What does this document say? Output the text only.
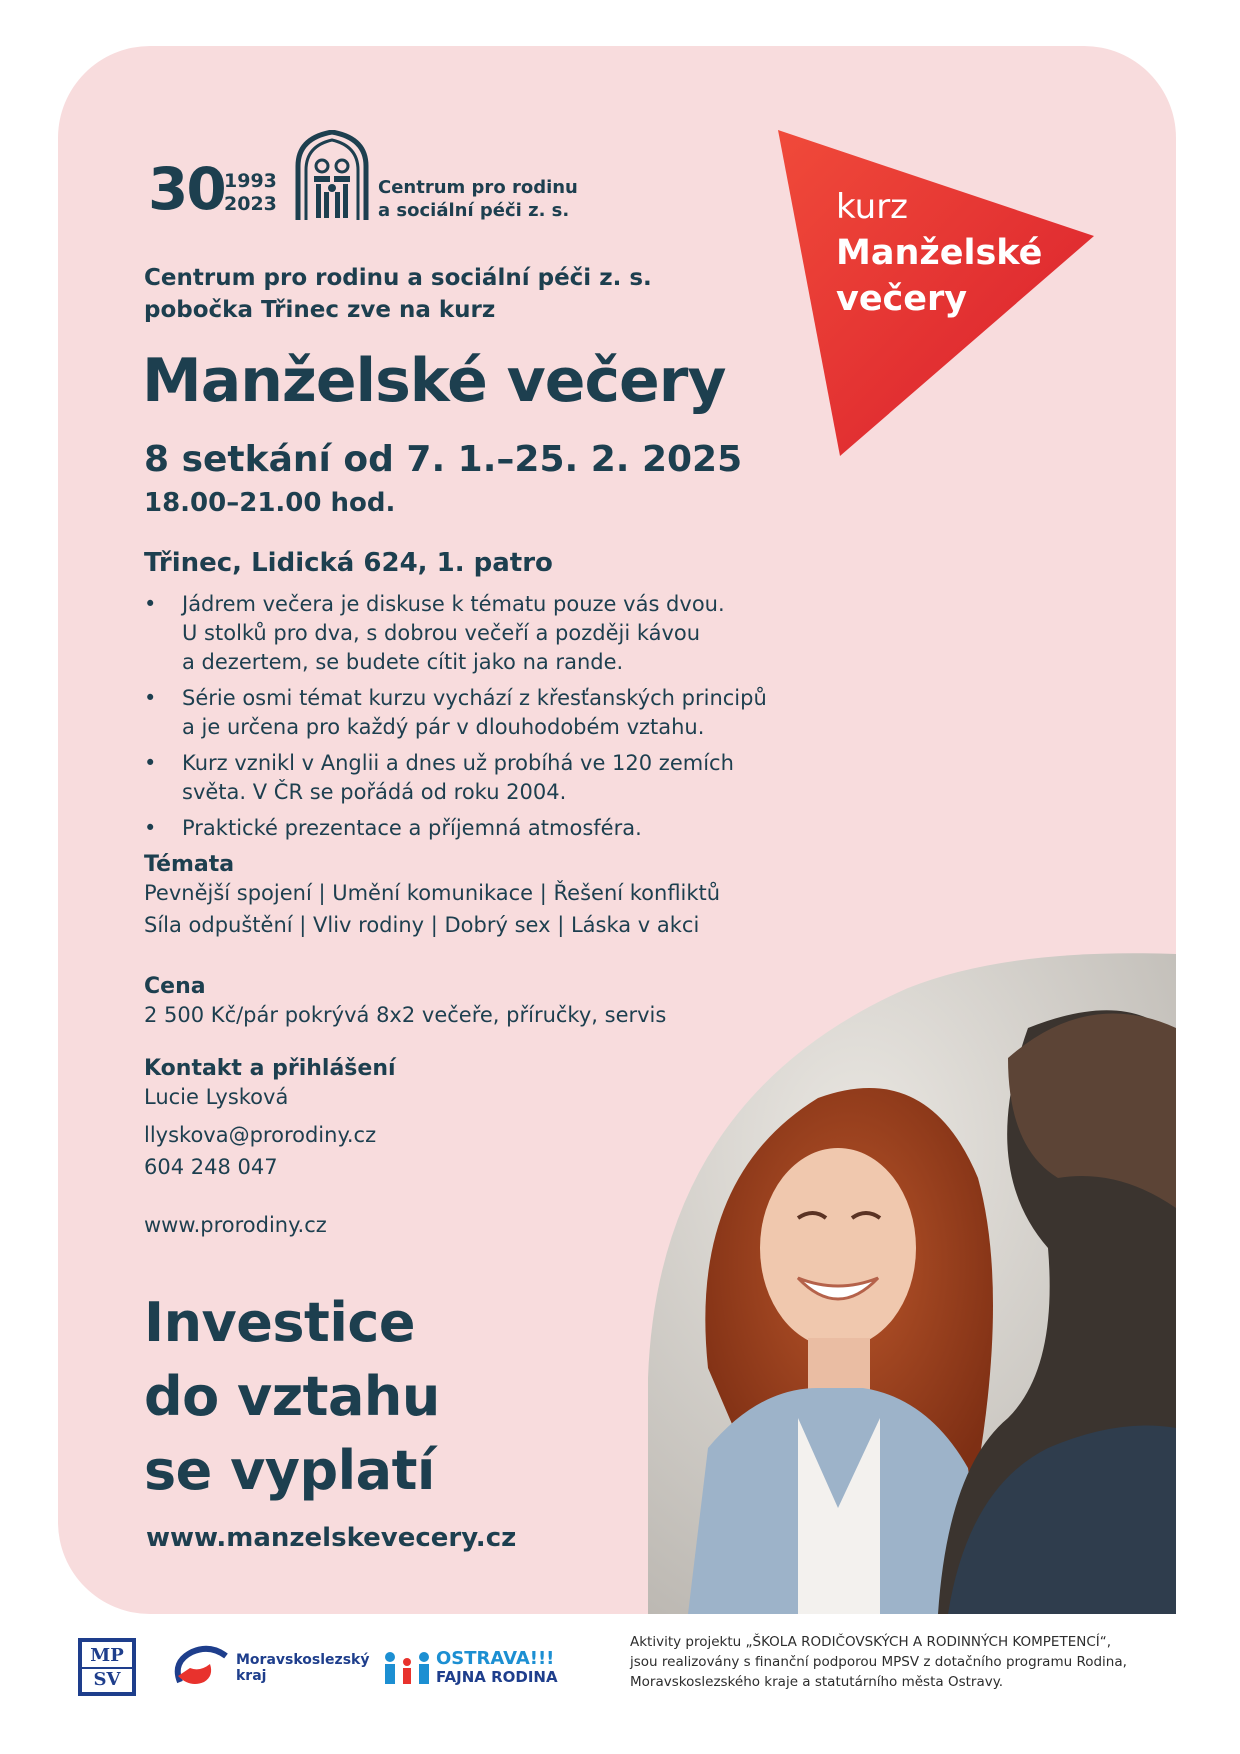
30 1993
2023
Centrum pro rodinu
a sociální péči z. s.
Centrum pro rodinu a sociální péči z. s.
pobočka Třinec zve na kurz
Manželské večery
8 setkání od 7. 1.–25. 2. 2025
18.00–21.00 hod.
Třinec, Lidická 624, 1. patro
• Jádrem večera je diskuse k tématu pouze vás dvou.
U stolků pro dva, s dobrou večeří a později kávou
a dezertem, se budete cítit jako na rande.
• Série osmi témat kurzu vychází z křesťanských principů
a je určena pro každý pár v dlouhodobém vztahu.
• Kurz vznikl v Anglii a dnes už probíhá ve 120 zemích
světa. V ČR se pořádá od roku 2004.
• Praktické prezentace a příjemná atmosféra.
Témata
Pevnější spojení | Umění komunikace | Řešení konfliktů
Síla odpuštění | Vliv rodiny | Dobrý sex | Láska v akci
Cena
2 500 Kč/pár pokrývá 8x2 večeře, příručky, servis
Kontakt a přihlášení
Lucie Lysková
llyskova@prorodiny.cz
604 248 047
www.prorodiny.cz
Investice
do vztahu
se vyplatí
www.manzelskevecery.cz
kurz
Manželské
večery
MP
SV
Moravskoslezský
kraj
OSTRAVA!!!
FAJNA RODINA
Aktivity projektu „ŠKOLA RODIČOVSKÝCH A RODINNÝCH KOMPETENCÍ“,
jsou realizovány s finanční podporou MPSV z dotačního programu Rodina,
Moravskoslezského kraje a statutárního města Ostravy.
